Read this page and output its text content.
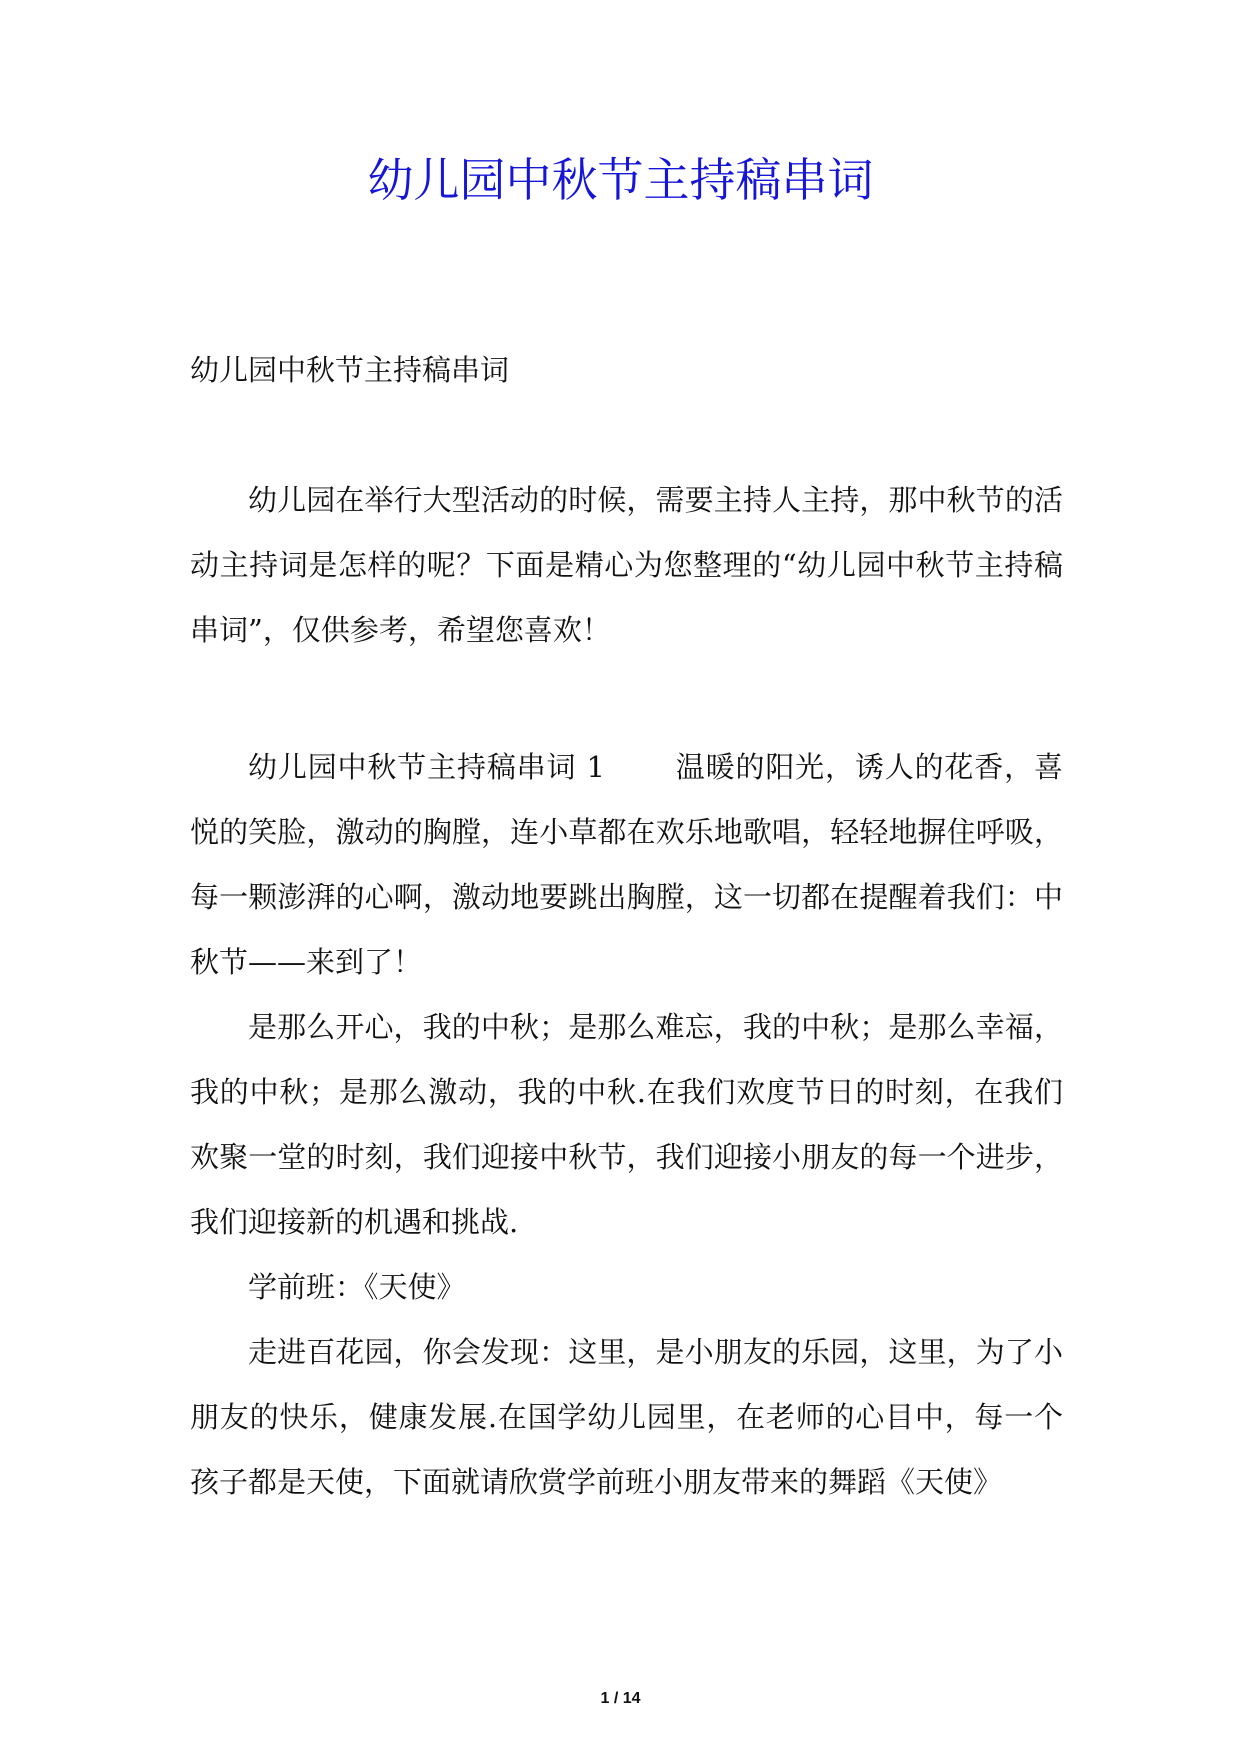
幼儿园中秋节主持稿串词

幼儿园中秋节主持稿串词

幼儿园在举行大型活动的时候，需要主持人主持，那中秋节的活动主持词是怎样的呢？下面是精心为您整理的“幼儿园中秋节主持稿串词”，仅供参考，希望您喜欢！

幼儿园中秋节主持稿串词 1 温暖的阳光，诱人的花香，喜悦的笑脸，激动的胸膛，连小草都在欢乐地歌唱，轻轻地摒住呼吸，每一颗澎湃的心啊，激动地要跳出胸膛，这一切都在提醒着我们：中秋节——来到了！

是那么开心，我的中秋；是那么难忘，我的中秋；是那么幸福，我的中秋；是那么激动，我的中秋.在我们欢度节日的时刻，在我们欢聚一堂的时刻，我们迎接中秋节，我们迎接小朋友的每一个进步，我们迎接新的机遇和挑战.

学前班：《天使》

走进百花园，你会发现：这里，是小朋友的乐园，这里，为了小朋友的快乐，健康发展.在国学幼儿园里，在老师的心目中，每一个孩子都是天使，下面就请欣赏学前班小朋友带来的舞蹈《天使》

1 / 14
